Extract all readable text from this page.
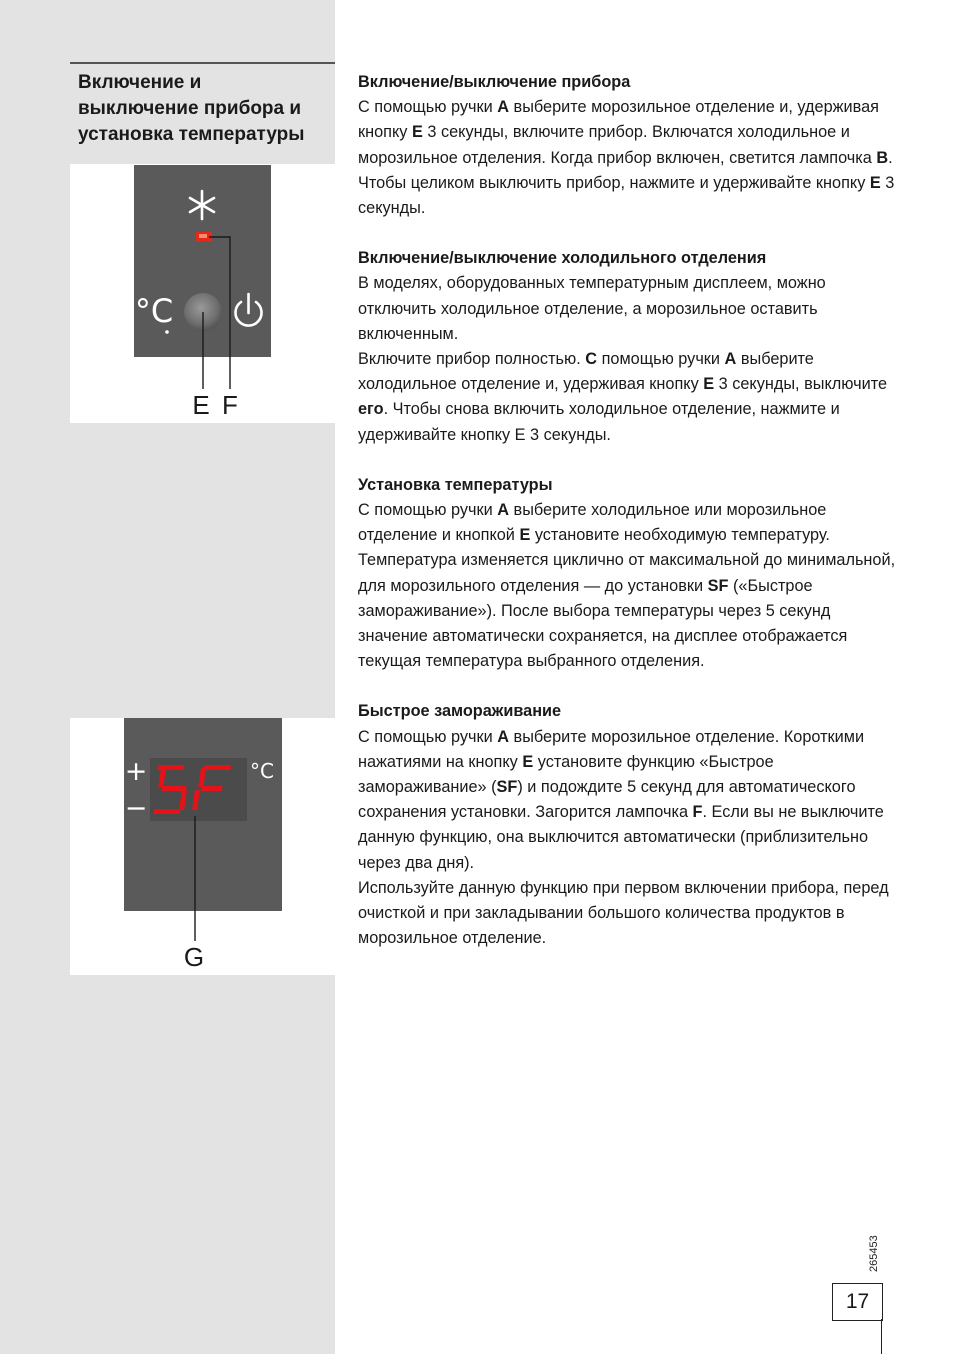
Включение и
выключение прибора и
установка температуры
°C
E F
+
−
°C
G
Включение/выключение прибора

С помощью ручки A выберите морозильное отделение и, удерживая кнопку E 3 секунды, включите прибор. Включатся холодильное и морозильное отделения. Когда прибор включен, светится лампочка B. Чтобы целиком выключить прибор, нажмите и удерживайте кнопку E 3 секунды.

Включение/выключение холодильного отделения

В моделях, оборудованных температурным дисплеем, можно отключить холодильное отделение, а морозильное оставить включенным.

Включите прибор полностью. С помощью ручки A выберите холодильное отделение и, удерживая кнопку E 3 секунды, выключите его. Чтобы снова включить холодильное отделение, нажмите и удерживайте кнопку Е 3 секунды.

Установка температуры

С помощью ручки A выберите холодильное или морозильное отделение и кнопкой E установите необходимую температуру. Температура изменяется циклично от максимальной до минимальной, для морозильного отделения — до установки SF («Быстрое замораживание»). После выбора температуры через 5 секунд значение автоматически сохраняется, на дисплее отображается текущая температура выбранного отделения.

Быстрое замораживание

С помощью ручки A выберите морозильное отделение. Короткими нажатиями на кнопку E установите функцию «Быстрое замораживание» (SF) и подождите 5 секунд для автоматического сохранения установки. Загорится лампочка F. Если вы не выключите данную функцию, она выключится автоматически (приблизительно через два дня).

Используйте данную функцию при первом включении прибора, перед очисткой и при закладывании большого количества продуктов в морозильное отделение.

265453
17
